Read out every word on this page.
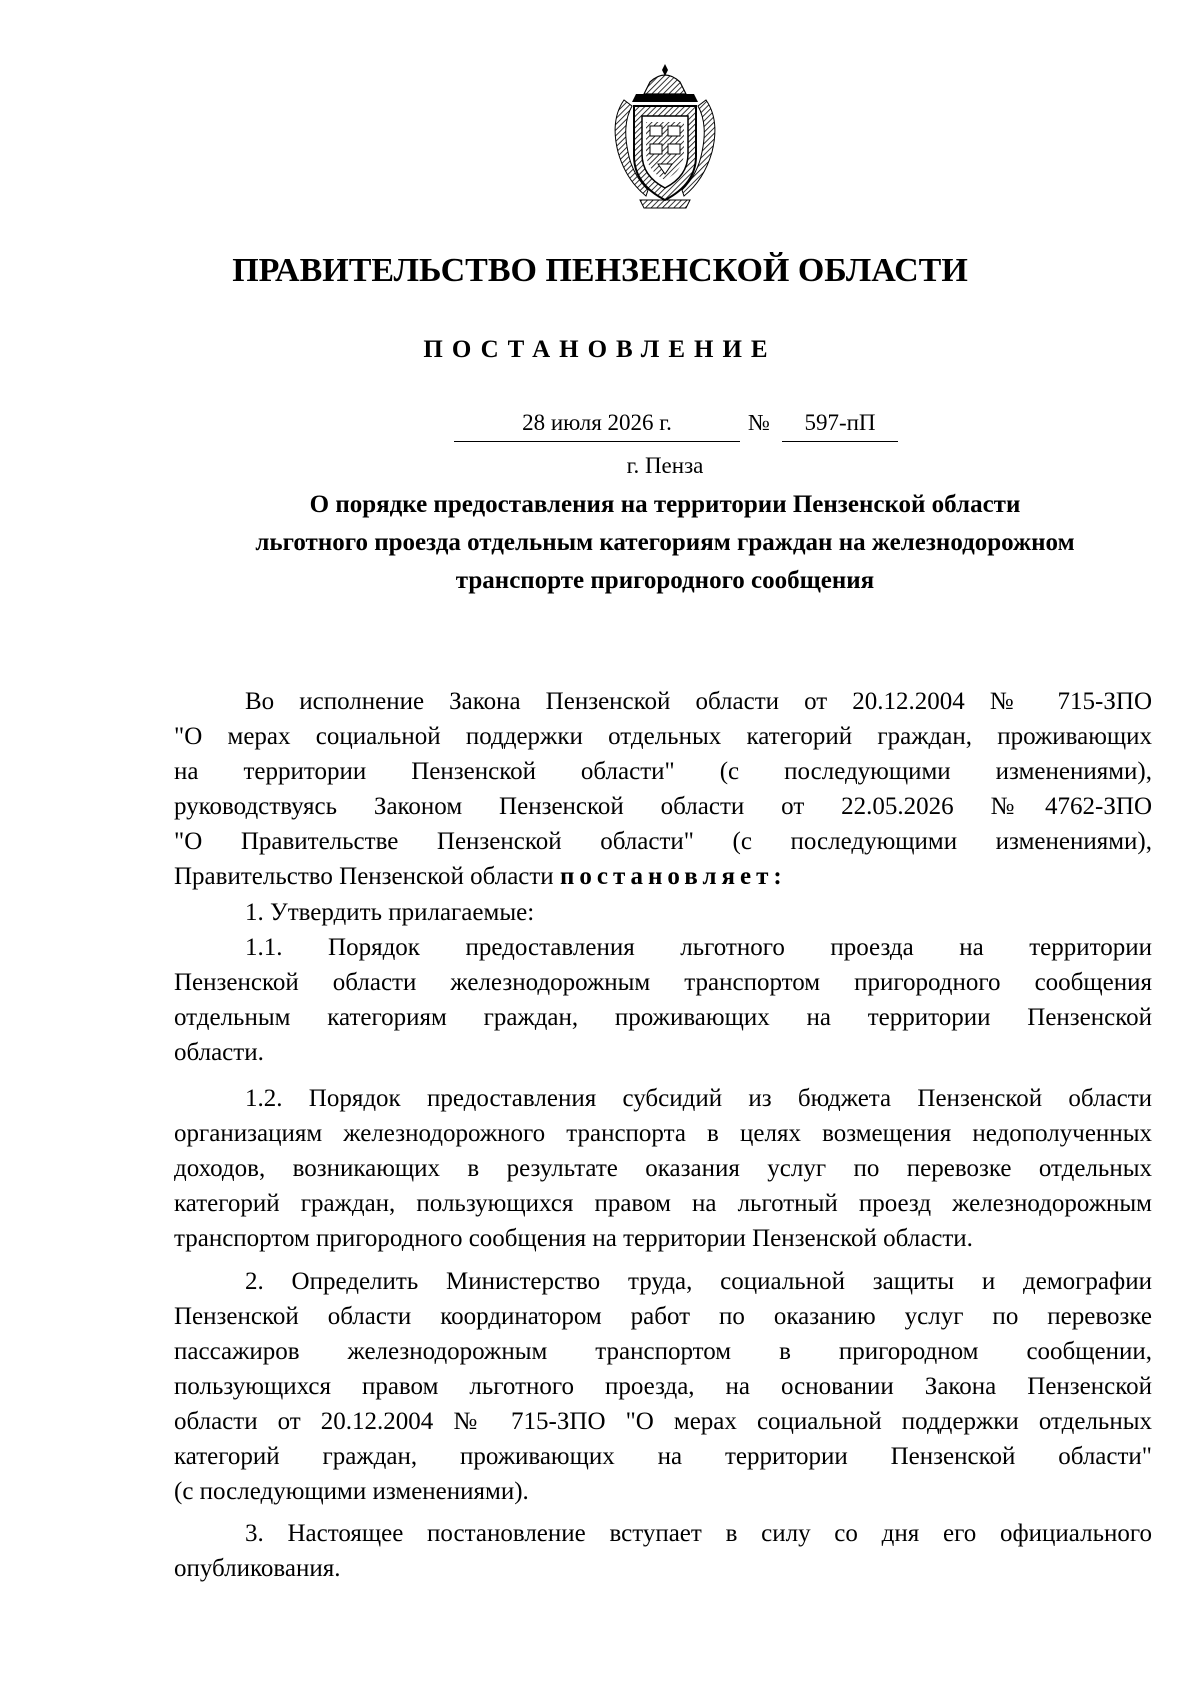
ПРАВИТЕЛЬСТВО ПЕНЗЕНСКОЙ ОБЛАСТИ
ПОСТАНОВЛЕНИЕ
28 июля 2026 г.	№	597-пП
г. Пенза
О порядке предоставления на территории Пензенской области
льготного проезда отдельным категориям граждан на железнодорожном
транспорте пригородного сообщения
Во исполнение Закона Пензенской области от 20.12.2004 № 715-ЗПО
"О мерах социальной поддержки отдельных категорий граждан, проживающих
на территории Пензенской области" (с последующими изменениями),
руководствуясь Законом Пензенской области от 22.05.2026 №4762-ЗПО
"О Правительстве Пензенской области" (с последующими изменениями),
Правительство Пензенской области постановляет:
1. Утвердить прилагаемые:
1.1. Порядок предоставления льготного проезда на территории
Пензенской области железнодорожным транспортом пригородного сообщения
отдельным категориям граждан, проживающих на территории Пензенской
области.
1.2. Порядок предоставления субсидий из бюджета Пензенской области
организациям железнодорожного транспорта в целях возмещения недополученных
доходов, возникающих в результате оказания услуг по перевозке отдельных
категорий граждан, пользующихся правом на льготный проезд железнодорожным
транспортом пригородного сообщения на территории Пензенской области.
2. Определить Министерство труда, социальной защиты и демографии
Пензенской области координатором работ по оказанию услуг по перевозке
пассажиров железнодорожным транспортом в пригородном сообщении,
пользующихся правом льготного проезда, на основании Закона Пензенской
области от 20.12.2004 № 715-ЗПО "О мерах социальной поддержки отдельных
категорий граждан, проживающих на территории Пензенской области"
(с последующими изменениями).
3. Настоящее постановление вступает в силу со дня его официального
опубликования.
